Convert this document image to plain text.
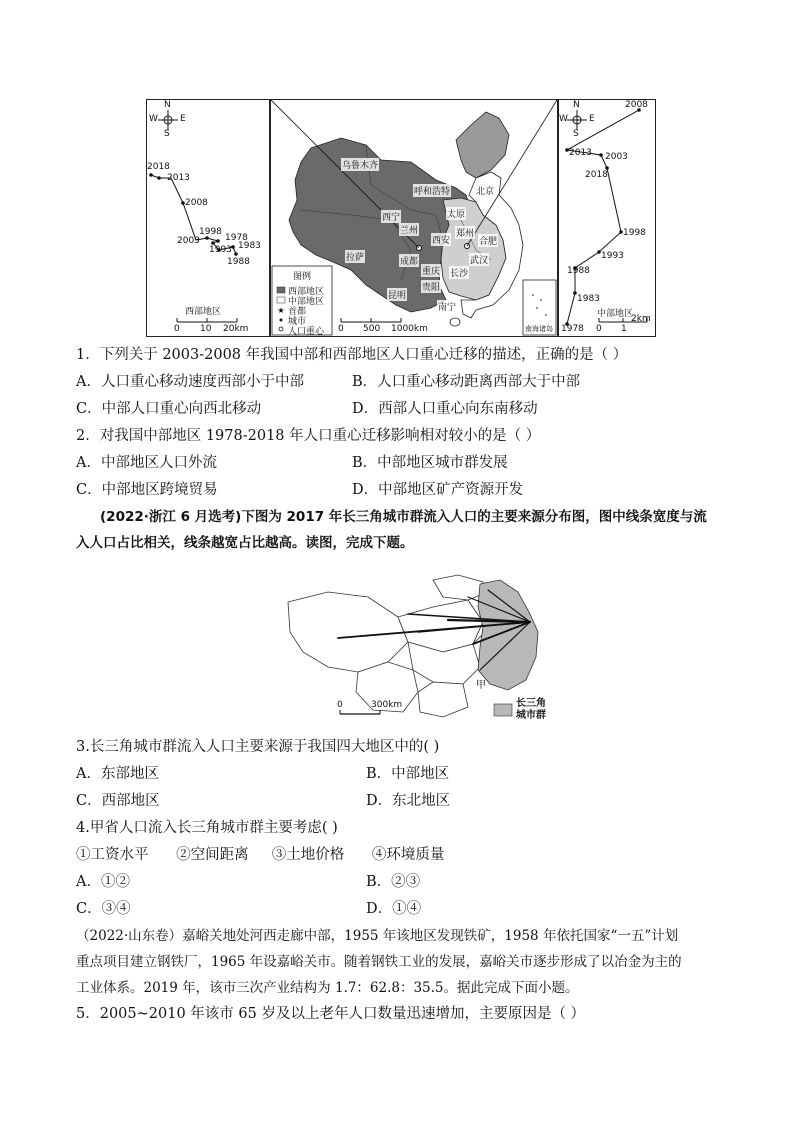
N
W E
S
2018
2013
2008
1998
1978
2003
1993 1983
1988
西部地区
0 10 20km
★
乌鲁木齐
呼和浩特	北京
西宁
兰州
太原
郑州
合肥
西安
拉萨	成都	武汉
重庆 长沙
昆明
贵阳
南宁
图例
西部地区
中部地区
首都
城市
人口重心 0 500 1000km	南海诸岛
N
W E
S
2008
2013 2003
2018
1998
1993
1988
1983
1978
中部地区
0 1
2km
1．下列关于 2003-2008 年我国中部和西部地区人口重心迁移的描述，正确的是（ ）
A．人口重心移动速度西部小于中部	B．人口重心移动距离西部大于中部
C．中部人口重心向西北移动	D．西部人口重心向东南移动
2．对我国中部地区 1978-2018 年人口重心迁移影响相对较小的是（ ）
A．中部地区人口外流	B．中部地区城市群发展
C．中部地区跨境贸易	D．中部地区矿产资源开发
(2022·浙江 6 月选考)下图为 2017 年长三角城市群流入人口的主要来源分布图，图中线条宽度与流
入人口占比相关，线条越宽占比越高。读图，完成下题。
甲
0	300km	长三角
城市群
3.长三角城市群流入人口主要来源于我国四大地区中的( )
A．东部地区	B．中部地区
C．西部地区	D．东北地区
4.甲省人口流入长三角城市群主要考虑( )
①工资水平      ②空间距离     ③土地价格      ④环境质量
A．①②	B．②③
C．③④	D．①④
（2022·山东卷）嘉峪关地处河西走廊中部，1955 年该地区发现铁矿，1958 年依托国家“一五”计划
重点项目建立钢铁厂，1965 年设嘉峪关市。随着钢铁工业的发展，嘉峪关市逐步形成了以冶金为主的
工业体系。2019 年，该市三次产业结构为 1.7：62.8：35.5。据此完成下面小题。
5．2005~2010 年该市 65 岁及以上老年人口数量迅速增加，主要原因是（ ）
